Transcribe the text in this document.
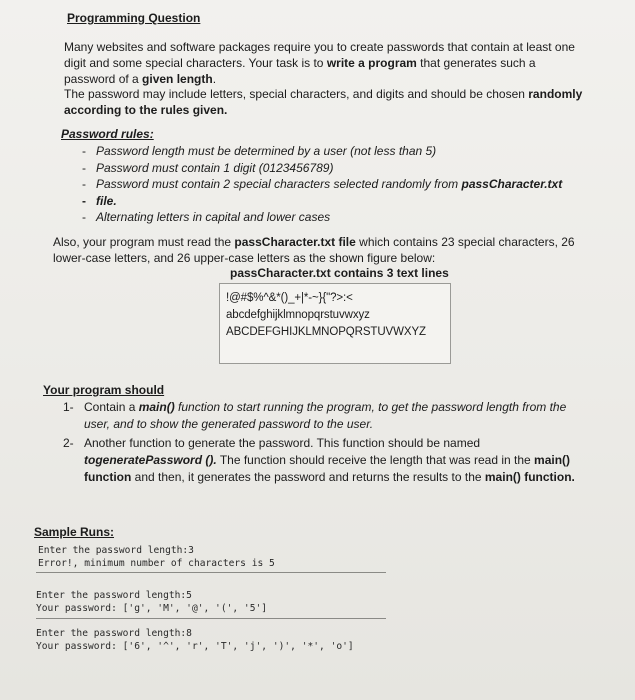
Programming Question
Many websites and software packages require you to create passwords that contain at least one digit and some special characters. Your task is to write a program that generates such a password of a given length.
The password may include letters, special characters, and digits and should be chosen randomly according to the rules given.
Password rules:
- Password length must be determined by a user (not less than 5)
- Password must contain 1 digit (0123456789)
- Password must contain 2 special characters selected randomly from passCharacter.txt
- file.
- Alternating letters in capital and lower cases
Also, your program must read the passCharacter.txt file which contains 23 special characters, 26 lower-case letters, and 26 upper-case letters as the shown figure below:
passCharacter.txt contains 3 text lines
!@#$%^&*()_+|*-~}{"?>:<
abcdefghijklmnopqrstuvwxyz
ABCDEFGHIJKLMNOPQRSTUVWXYZ
Your program should
1- Contain a main() function to start running the program, to get the password length from the user, and to show the generated password to the user.
2- Another function to generate the password. This function should be named togeneratePassword (). The function should receive the length that was read in the main() function and then, it generates the password and returns the results to the main() function.
Sample Runs:
Enter the password length:3
Error!, minimum number of characters is 5
Enter the password length:5
Your password: ['g', 'M', '@', '(', '5']
Enter the password length:8
Your password: ['6', '^', 'r', 'T', 'j', ')', '*', 'o']
